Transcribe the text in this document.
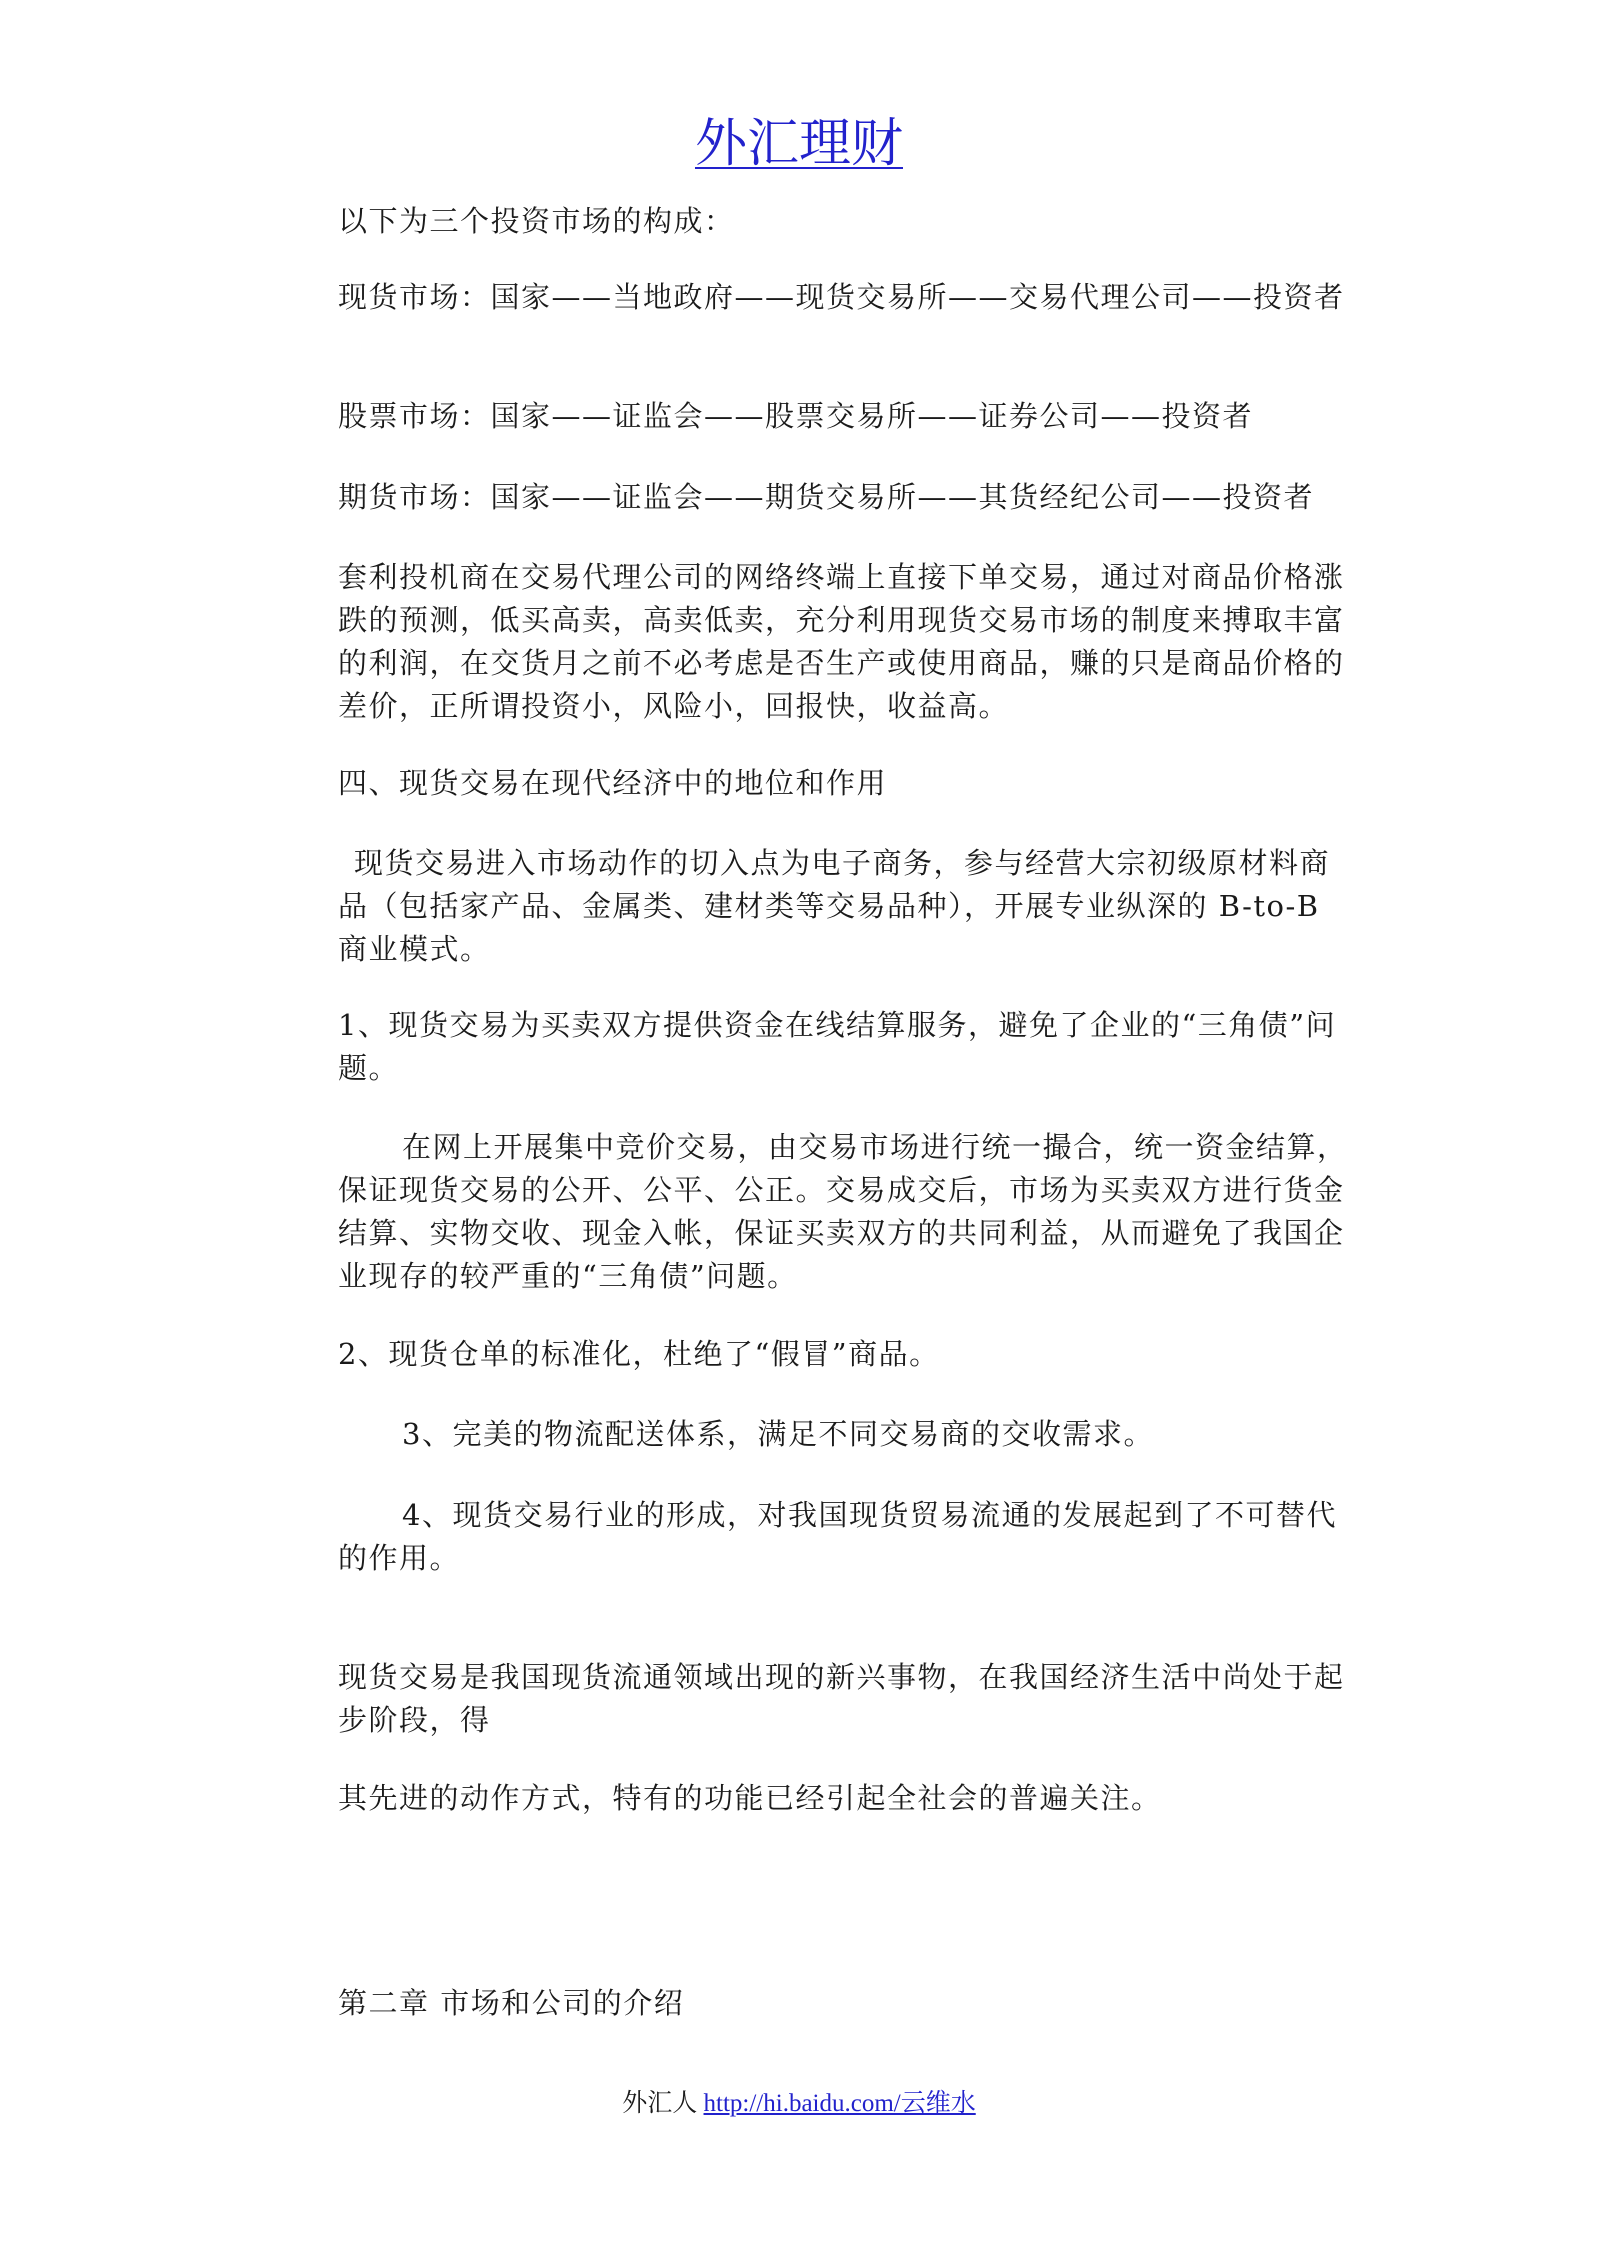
外汇理财

以下为三个投资市场的构成：

现货市场：国家——当地政府——现货交易所——交易代理公司——投资者

股票市场：国家——证监会——股票交易所——证券公司——投资者

期货市场：国家——证监会——期货交易所——其货经纪公司——投资者

套利投机商在交易代理公司的网络终端上直接下单交易，通过对商品价格涨跌的预测，低买高卖，高卖低卖，充分利用现货交易市场的制度来搏取丰富的利润，在交货月之前不必考虑是否生产或使用商品，赚的只是商品价格的差价，正所谓投资小，风险小，回报快，收益高。

四、现货交易在现代经济中的地位和作用

现货交易进入市场动作的切入点为电子商务，参与经营大宗初级原材料商品（包括家产品、金属类、建材类等交易品种），开展专业纵深的 B-to-B 商业模式。

1、现货交易为买卖双方提供资金在线结算服务，避免了企业的“三角债”问题。

在网上开展集中竞价交易，由交易市场进行统一撮合，统一资金结算，保证现货交易的公开、公平、公正。交易成交后，市场为买卖双方进行货金结算、实物交收、现金入帐，保证买卖双方的共同利益，从而避免了我国企业现存的较严重的“三角债”问题。

2、现货仓单的标准化，杜绝了“假冒”商品。

3、完美的物流配送体系，满足不同交易商的交收需求。

4、现货交易行业的形成，对我国现货贸易流通的发展起到了不可替代的作用。

现货交易是我国现货流通领域出现的新兴事物，在我国经济生活中尚处于起步阶段，得

其先进的动作方式，特有的功能已经引起全社会的普遍关注。

第二章 市场和公司的介绍

外汇人 http://hi.baidu.com/云维水
